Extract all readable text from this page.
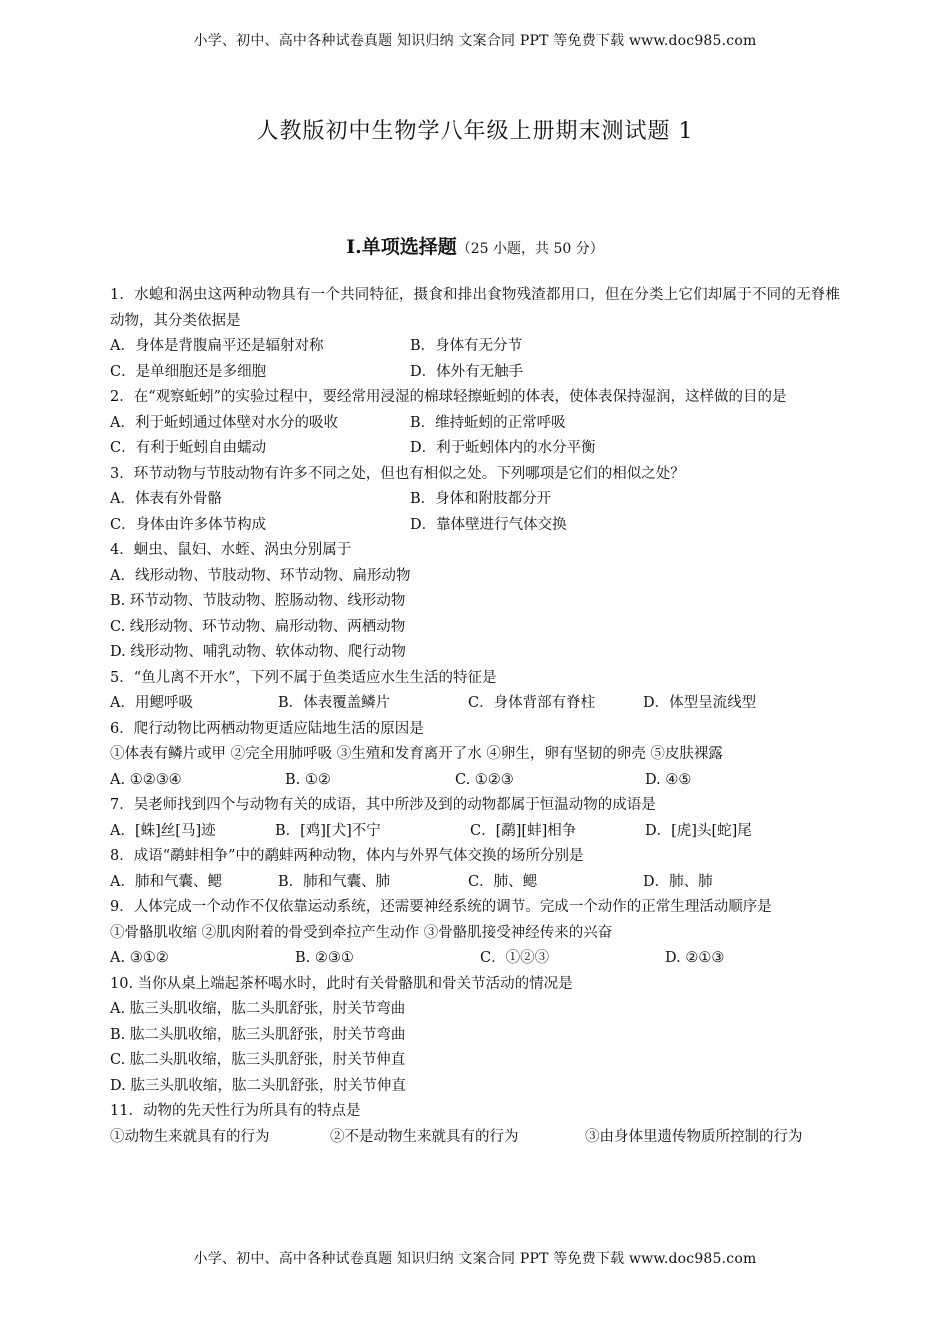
小学、初中、高中各种试卷真题 知识归纳 文案合同 PPT 等免费下载 www.doc985.com
人教版初中生物学八年级上册期末测试题 1
Ⅰ.单项选择题（25 小题，共 50 分）
1．水螅和涡虫这两种动物具有一个共同特征，摄食和排出食物残渣都用口，但在分类上它们却属于不同的无脊椎动物，其分类依据是
A．身体是背腹扁平还是辐射对称	B．身体有无分节
C．是单细胞还是多细胞	D．体外有无触手
2．在“观察蚯蚓”的实验过程中，要经常用浸湿的棉球轻擦蚯蚓的体表，使体表保持湿润，这样做的目的是
A．利于蚯蚓通过体壁对水分的吸收	B．维持蚯蚓的正常呼吸
C．有利于蚯蚓自由蠕动	D．利于蚯蚓体内的水分平衡
3．环节动物与节肢动物有许多不同之处，但也有相似之处。下列哪项是它们的相似之处？
A．体表有外骨骼	B．身体和附肢都分开
C．身体由许多体节构成	D．靠体壁进行气体交换
4．蛔虫、鼠妇、水蛭、涡虫分别属于
A．线形动物、节肢动物、环节动物、扁形动物
B. 环节动物、节肢动物、腔肠动物、线形动物
C. 线形动物、环节动物、扁形动物、两栖动物
D. 线形动物、哺乳动物、软体动物、爬行动物
5．“鱼儿离不开水”，下列不属于鱼类适应水生生活的特征是
A．用鳃呼吸	B．体表覆盖鳞片	C．身体背部有脊柱	D．体型呈流线型
6．爬行动物比两栖动物更适应陆地生活的原因是
①体表有鳞片或甲 ②完全用肺呼吸 ③生殖和发育离开了水 ④卵生，卵有坚韧的卵壳 ⑤皮肤裸露
A. ①②③④	B. ①②	C. ①②③	D. ④⑤
7．吴老师找到四个与动物有关的成语，其中所涉及到的动物都属于恒温动物的成语是
A．[蛛]丝[马]迹	B．[鸡][犬]不宁	C．[鹬][蚌]相争	D．[虎]头[蛇]尾
8．成语“鹬蚌相争”中的鹬蚌两种动物，体内与外界气体交换的场所分别是
A．肺和气囊、鳃	B．肺和气囊、肺	C．肺、鳃	D．肺、肺
9．人体完成一个动作不仅依靠运动系统，还需要神经系统的调节。完成一个动作的正常生理活动顺序是
①骨骼肌收缩 ②肌肉附着的骨受到牵拉产生动作 ③骨骼肌接受神经传来的兴奋
A. ③①②	B. ②③①	C．①②③	D. ②①③
10. 当你从桌上端起茶杯喝水时，此时有关骨骼肌和骨关节活动的情况是
A. 肱三头肌收缩，肱二头肌舒张，肘关节弯曲
B. 肱二头肌收缩，肱三头肌舒张，肘关节弯曲
C. 肱二头肌收缩，肱三头肌舒张，肘关节伸直
D. 肱三头肌收缩，肱二头肌舒张，肘关节伸直
11．动物的先天性行为所具有的特点是
①动物生来就具有的行为	②不是动物生来就具有的行为	③由身体里遗传物质所控制的行为
小学、初中、高中各种试卷真题 知识归纳 文案合同 PPT 等免费下载 www.doc985.com
